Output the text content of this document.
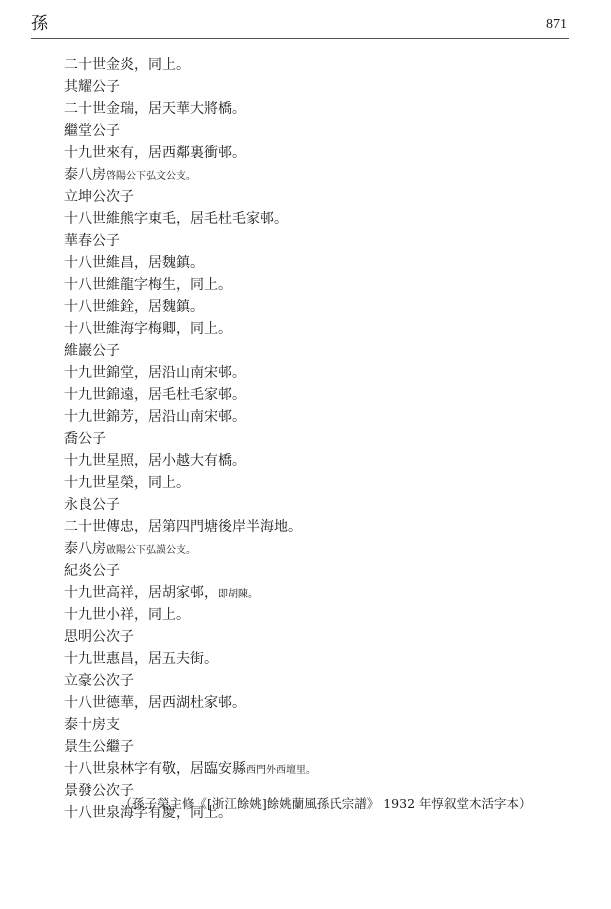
孫	871
二十世金炎，同上。
其耀公子
二十世金瑞，居天華大將橋。
繼堂公子
十九世來有，居西鄰裏衝邨。
泰八房啓陽公下弘文公支。
立坤公次子
十八世維熊字東毛，居毛杜毛家邨。
華春公子
十八世維昌，居魏鎮。
十八世維龍字梅生，同上。
十八世維銓，居魏鎮。
十八世維海字梅卿，同上。
維巖公子
十九世錦堂，居沿山南宋邨。
十九世錦遠，居毛杜毛家邨。
十九世錦芳，居沿山南宋邨。
喬公子
十九世星照，居小越大有橋。
十九世星榮，同上。
永良公子
二十世傳忠，居第四門塘後岸半海地。
泰八房啟陽公下弘謨公支。
紀炎公子
十九世高祥，居胡家邨，即胡陳。
十九世小祥，同上。
思明公次子
十九世惠昌，居五夫街。
立豪公次子
十八世德華，居西湖杜家邨。
泰十房支
景生公繼子
十八世泉林字有敬，居臨安縣西門外西壇里。
景發公次子
十八世泉海字有慶，同上。
（孫子榮主修《[浙江餘姚]餘姚蘭風孫氏宗譜》 1932 年惇叙堂木活字本）
